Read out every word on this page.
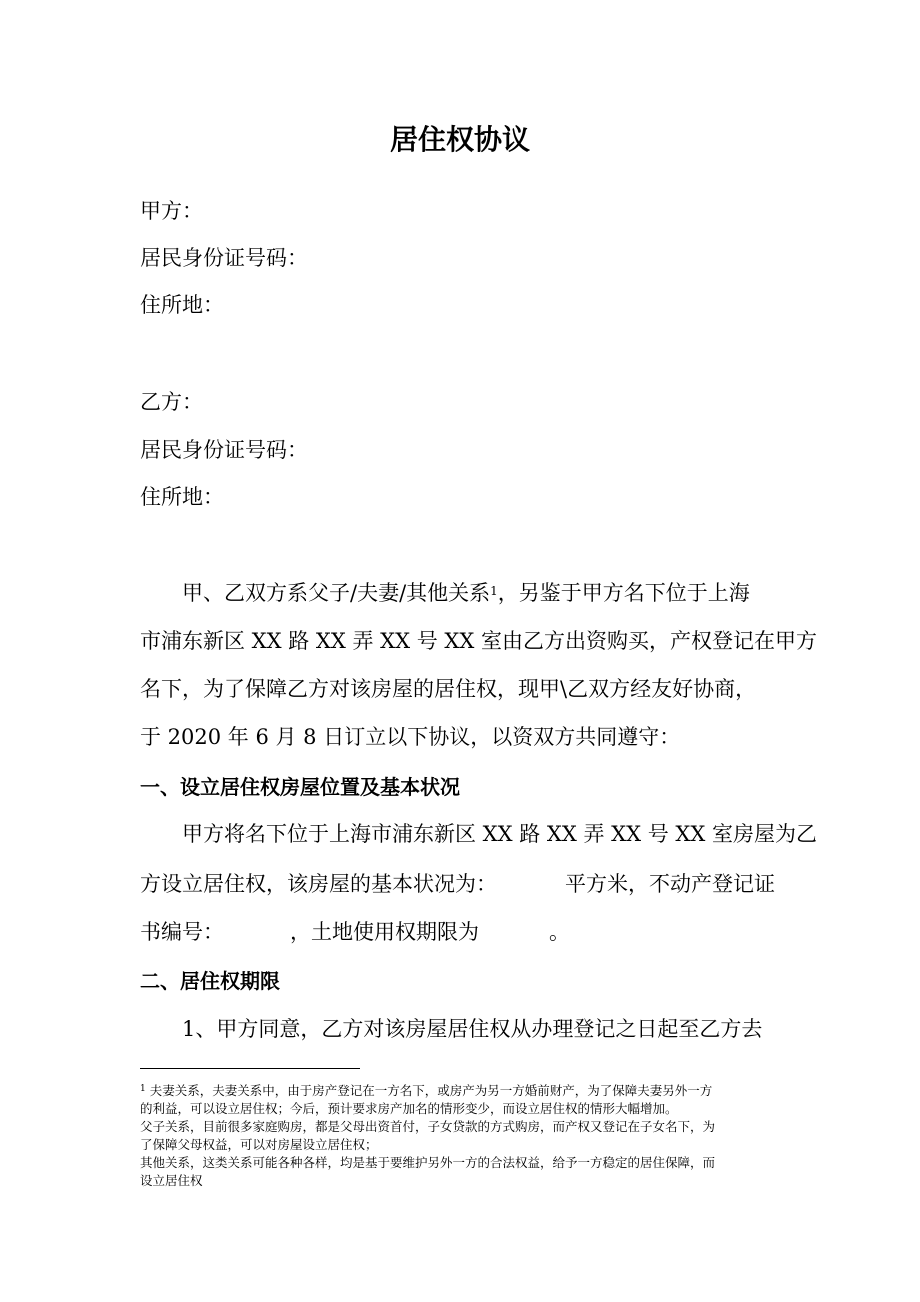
居住权协议
甲方：
居民身份证号码：
住所地：
乙方：
居民身份证号码：
住所地：
甲、乙双方系父子/夫妻/其他关系$^1$，另鉴于甲方名下位于上海
市浦东新区 XX 路 XX 弄 XX 号 XX 室由乙方出资购买，产权登记在甲方
名下，为了保障乙方对该房屋的居住权，现甲\乙双方经友好协商，
于 2020 年 6 月 8 日订立以下协议，以资双方共同遵守：
一、设立居住权房屋位置及基本状况
甲方将名下位于上海市浦东新区 XX 路 XX 弄 XX 号 XX 室房屋为乙
方设立居住权，该房屋的基本状况为：	平方米，不动产登记证
书编号：	，土地使用权期限为	。
二、居住权期限
1、甲方同意，乙方对该房屋居住权从办理登记之日起至乙方去
$^1$ 夫妻关系，夫妻关系中，由于房产登记在一方名下，或房产为另一方婚前财产，为了保障夫妻另外一方
的利益，可以设立居住权；今后，预计要求房产加名的情形变少，而设立居住权的情形大幅增加。
父子关系，目前很多家庭购房，都是父母出资首付，子女贷款的方式购房，而产权又登记在子女名下，为
了保障父母权益，可以对房屋设立居住权；
其他关系，这类关系可能各种各样，均是基于要维护另外一方的合法权益，给予一方稳定的居住保障，而
设立居住权
